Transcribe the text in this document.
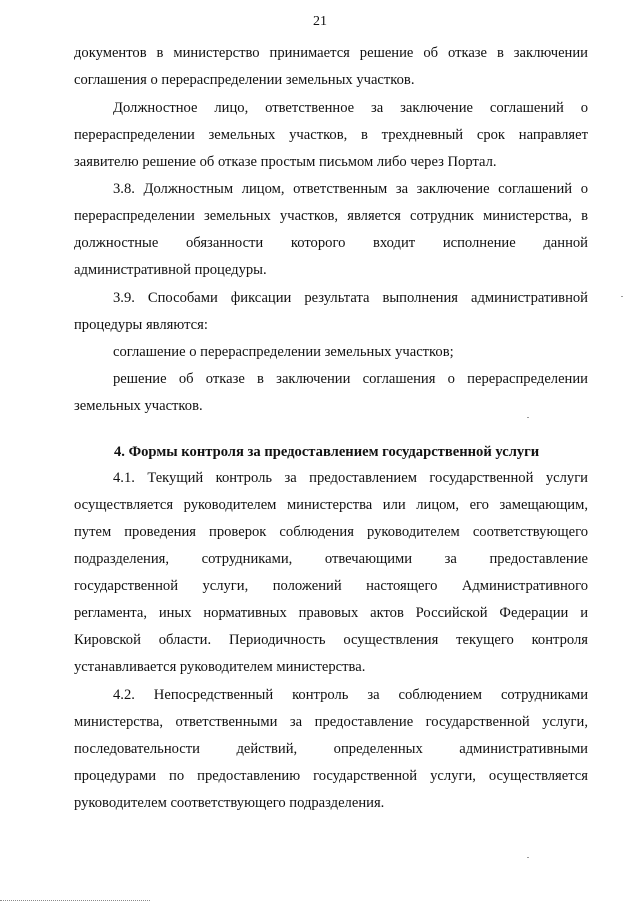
21
документов в министерство принимается решение об отказе в заключении
соглашения о перераспределении земельных участков.
Должностное лицо, ответственное за заключение соглашений о
перераспределении земельных участков, в трехдневный срок направляет
заявителю решение об отказе простым письмом либо через Портал.
3.8. Должностным лицом, ответственным за заключение соглашений о
перераспределении земельных участков, является сотрудник министерства, в
должностные обязанности которого входит исполнение данной
административной процедуры.
3.9. Способами фиксации результата выполнения административной
процедуры являются:
соглашение о перераспределении земельных участков;
решение об отказе в заключении соглашения о перераспределении
земельных участков.
4. Формы контроля за предоставлением государственной услуги
4.1. Текущий контроль за предоставлением государственной услуги
осуществляется руководителем министерства или лицом, его замещающим,
путем проведения проверок соблюдения руководителем соответствующего
подразделения, сотрудниками, отвечающими за предоставление
государственной услуги, положений настоящего Административного
регламента, иных нормативных правовых актов Российской Федерации и
Кировской области. Периодичность осуществления текущего контроля
устанавливается руководителем министерства.
4.2. Непосредственный контроль за соблюдением сотрудниками
министерства, ответственными за предоставление государственной услуги,
последовательности действий, определенных административными
процедурами по предоставлению государственной услуги, осуществляется
руководителем соответствующего подразделения.
